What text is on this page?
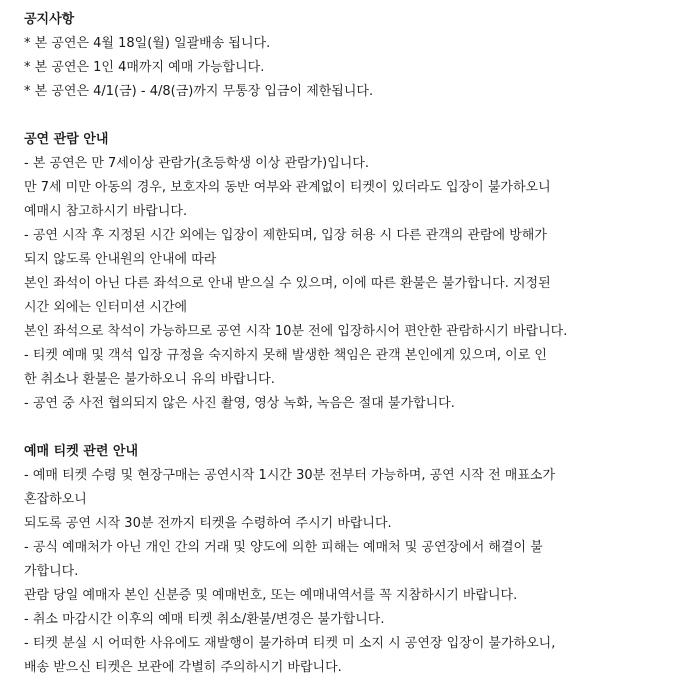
공지사항

* 본 공연은 4월 18일(월) 일괄배송 됩니다.

* 본 공연은 1인 4매까지 예매 가능합니다.

* 본 공연은 4/1(금) - 4/8(금)까지 무통장 입금이 제한됩니다.

공연 관람 안내

- 본 공연은 만 7세이상 관람가(초등학생 이상 관람가)입니다.

만 7세 미만 아동의 경우, 보호자의 동반 여부와 관계없이 티켓이 있더라도 입장이 불가하오니

예매시 참고하시기 바랍니다.

- 공연 시작 후 지정된 시간 외에는 입장이 제한되며, 입장 허용 시 다른 관객의 관람에 방해가

되지 않도록 안내원의 안내에 따라

본인 좌석이 아닌 다른 좌석으로 안내 받으실 수 있으며, 이에 따른 환불은 불가합니다. 지정된

시간 외에는 인터미션 시간에

본인 좌석으로 착석이 가능하므로 공연 시작 10분 전에 입장하시어 편안한 관람하시기 바랍니다.

- 티켓 예매 및 객석 입장 규정을 숙지하지 못해 발생한 책임은 관객 본인에게 있으며, 이로 인

한 취소나 환불은 불가하오니 유의 바랍니다.

- 공연 중 사전 협의되지 않은 사진 촬영, 영상 녹화, 녹음은 절대 불가합니다.

예매 티켓 관련 안내

- 예매 티켓 수령 및 현장구매는 공연시작 1시간 30분 전부터 가능하며, 공연 시작 전 매표소가

혼잡하오니

되도록 공연 시작 30분 전까지 티켓을 수령하여 주시기 바랍니다.

- 공식 예매처가 아닌 개인 간의 거래 및 양도에 의한 피해는 예매처 및 공연장에서 해결이 불

가합니다.

관람 당일 예매자 본인 신분증 및 예매번호, 또는 예매내역서를 꼭 지참하시기 바랍니다.

- 취소 마감시간 이후의 예매 티켓 취소/환불/변경은 불가합니다.

- 티켓 분실 시 어떠한 사유에도 재발행이 불가하며 티켓 미 소지 시 공연장 입장이 불가하오니,

배송 받으신 티켓은 보관에 각별히 주의하시기 바랍니다.
